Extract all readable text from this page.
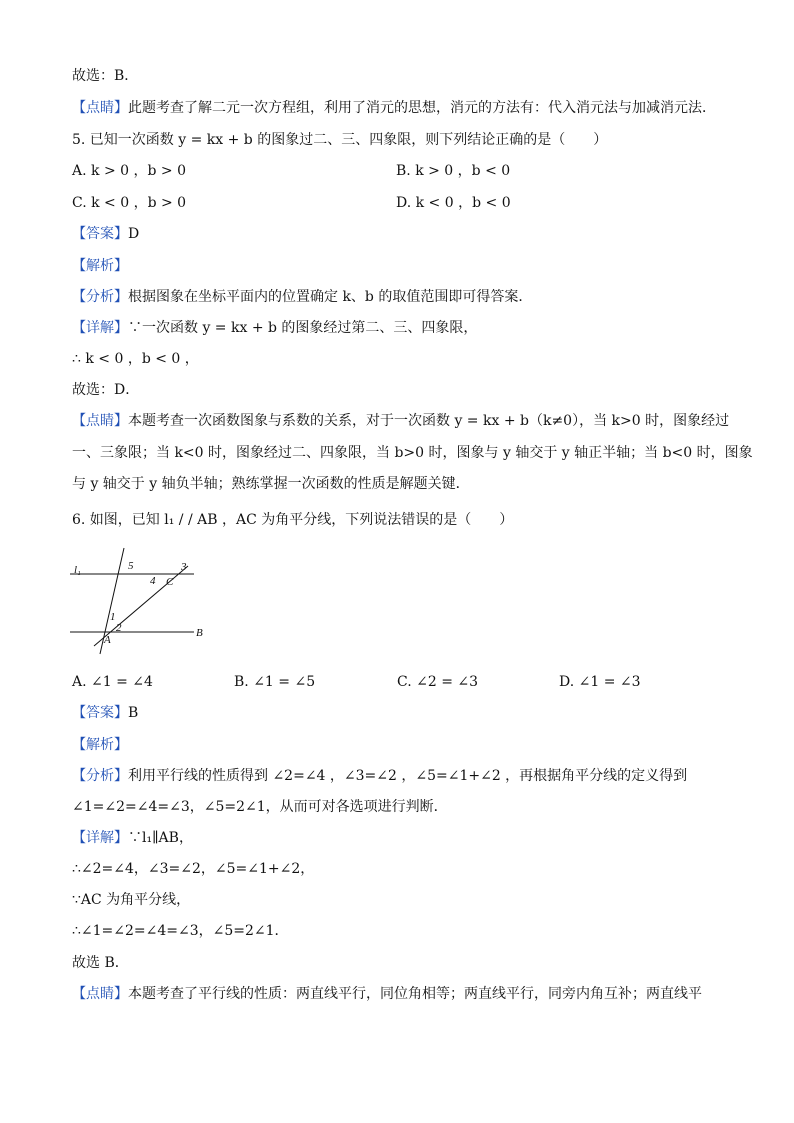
故选：B．
【点睛】此题考查了解二元一次方程组，利用了消元的思想，消元的方法有：代入消元法与加减消元法．
5. 已知一次函数 y = kx + b 的图象过二、三、四象限，则下列结论正确的是（　　）
A. k > 0 ，b > 0	B. k > 0 ，b < 0
C. k < 0 ，b > 0	D. k < 0 ，b < 0
【答案】D
【解析】
【分析】根据图象在坐标平面内的位置确定 k、b 的取值范围即可得答案．
【详解】∵一次函数 y = kx + b 的图象经过第二、三、四象限，
∴ k < 0 ，b < 0 ，
故选：D．
【点睛】本题考查一次函数图象与系数的关系，对于一次函数 y = kx + b（k≠0），当 k>0 时，图象经过
一、三象限；当 k<0 时，图象经过二、四象限，当 b>0 时，图象与 y 轴交于 y 轴正半轴；当 b<0 时，图象
与 y 轴交于 y 轴负半轴；熟练掌握一次函数的性质是解题关键．
6. 如图，已知 l₁ / / AB ，AC 为角平分线，下列说法错误的是（　　）
l₁	5	3
4 C
1
2
A
B
A. ∠1 = ∠4	B. ∠1 = ∠5	C. ∠2 = ∠3	D. ∠1 = ∠3
【答案】B
【解析】
【分析】利用平行线的性质得到 ∠2=∠4 ，∠3=∠2 ，∠5=∠1+∠2 ，再根据角平分线的定义得到
∠1=∠2=∠4=∠3，∠5=2∠1，从而可对各选项进行判断．
【详解】∵l₁∥AB，
∴∠2=∠4，∠3=∠2，∠5=∠1+∠2，
∵AC 为角平分线，
∴∠1=∠2=∠4=∠3，∠5=2∠1．
故选 B．
【点睛】本题考查了平行线的性质：两直线平行，同位角相等；两直线平行，同旁内角互补；两直线平
